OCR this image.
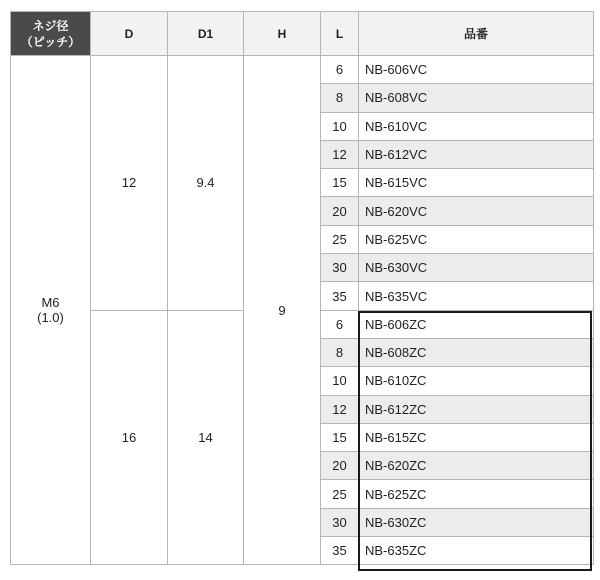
ネジ径
（ピッチ）	D	D1	H	L	品番
M6
(1.0)	12	9.4	9	6	NB-606VC
				8	NB-608VC
				10	NB-610VC
				12	NB-612VC
				15	NB-615VC
				20	NB-620VC
				25	NB-625VC
				30	NB-630VC
				35	NB-635VC
	16	14		6	NB-606ZC
				8	NB-608ZC
				10	NB-610ZC
				12	NB-612ZC
				15	NB-615ZC
				20	NB-620ZC
				25	NB-625ZC
				30	NB-630ZC
				35	NB-635ZC
